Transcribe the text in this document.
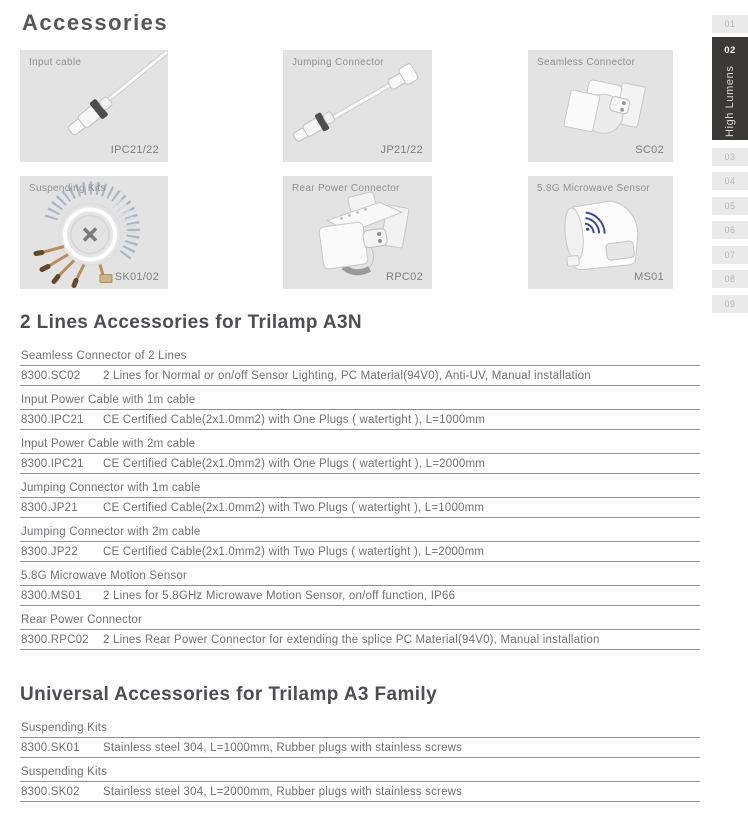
Accessories
Input cable
IPC21/22
Jumping Connector
JP21/22
Seamless Connector
SC02
Suspending Kits
SK01/02
Rear Power Connector
RPC02
5.8G Microwave Sensor
MS01
01
02
High Lumens
03
04
05
06
07
08
09
2 Lines Accessories for Trilamp A3N
Seamless Connector of 2 Lines
8300.SC02	2 Lines for Normal or on/off Sensor Lighting, PC Material(94V0), Anti-UV, Manual installation
Input Power Cable with 1m cable
8300.IPC21	CE Certified Cable(2x1.0mm2) with One Plugs ( watertight ), L=1000mm
Input Power Cable with 2m cable
8300.IPC21	CE Certified Cable(2x1.0mm2) with One Plugs ( watertight ), L=2000mm
Jumping Connector with 1m cable
8300.JP21	CE Certified Cable(2x1.0mm2) with Two Plugs ( watertight ), L=1000mm
Jumping Connector with 2m cable
8300.JP22	CE Certified Cable(2x1.0mm2) with Two Plugs ( watertight ), L=2000mm
5.8G Microwave Motion Sensor
8300.MS01	2 Lines for 5.8GHz Microwave Motion Sensor, on/off function, IP66
Rear Power Connector
8300.RPC02	2 Lines Rear Power Connector for extending the splice PC Material(94V0), Manual installation
Universal Accessories for Trilamp A3 Family
Suspending Kits
8300.SK01	Stainless steel 304, L=1000mm, Rubber plugs with stainless screws
Suspending Kits
8300.SK02	Stainless steel 304, L=2000mm, Rubber plugs with stainless screws
